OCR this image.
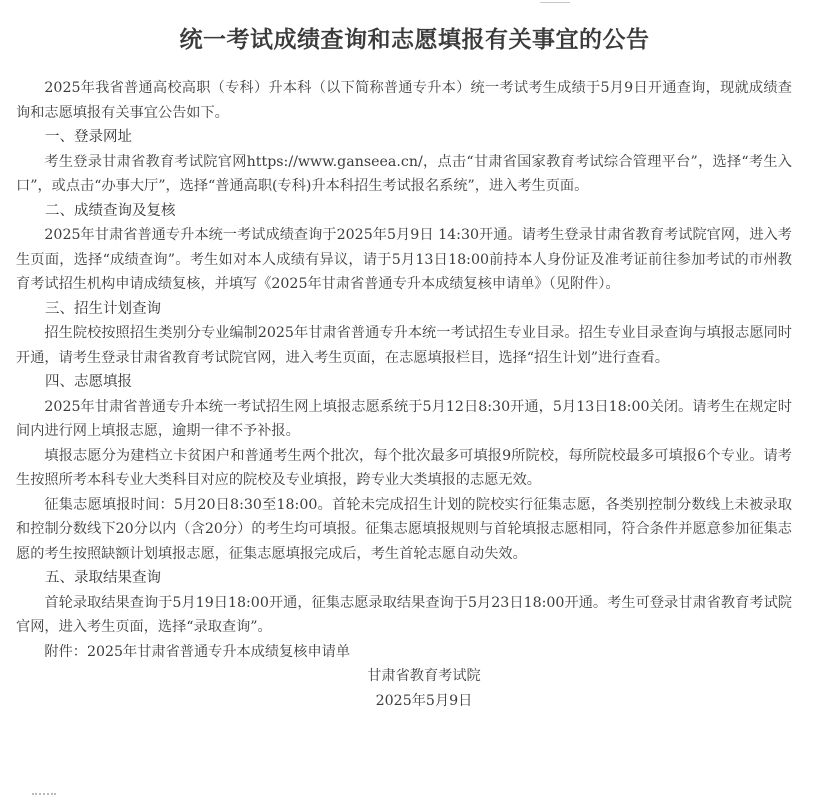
统一考试成绩查询和志愿填报有关事宜的公告

2025年我省普通高校高职（专科）升本科（以下简称普通专升本）统一考试考生成绩于5月9日开通查询，现就成绩查询和志愿填报有关事宜公告如下。

一、登录网址

考生登录甘肃省教育考试院官网https://www.ganseea.cn/，点击“甘肃省国家教育考试综合管理平台”，选择“考生入口”，或点击“办事大厅”，选择“普通高职(专科)升本科招生考试报名系统”，进入考生页面。

二、成绩查询及复核

2025年甘肃省普通专升本统一考试成绩查询于2025年5月9日 14:30开通。请考生登录甘肃省教育考试院官网，进入考生页面，选择“成绩查询”。考生如对本人成绩有异议，请于5月13日18:00前持本人身份证及准考证前往参加考试的市州教育考试招生机构申请成绩复核，并填写《2025年甘肃省普通专升本成绩复核申请单》（见附件）。

三、招生计划查询

招生院校按照招生类别分专业编制2025年甘肃省普通专升本统一考试招生专业目录。招生专业目录查询与填报志愿同时开通，请考生登录甘肃省教育考试院官网，进入考生页面，在志愿填报栏目，选择“招生计划”进行查看。

四、志愿填报

2025年甘肃省普通专升本统一考试招生网上填报志愿系统于5月12日8:30开通，5月13日18:00关闭。请考生在规定时间内进行网上填报志愿，逾期一律不予补报。

填报志愿分为建档立卡贫困户和普通考生两个批次，每个批次最多可填报9所院校，每所院校最多可填报6个专业。请考生按照所考本科专业大类科目对应的院校及专业填报，跨专业大类填报的志愿无效。

征集志愿填报时间：5月20日8:30至18:00。首轮未完成招生计划的院校实行征集志愿，各类别控制分数线上未被录取和控制分数线下20分以内（含20分）的考生均可填报。征集志愿填报规则与首轮填报志愿相同，符合条件并愿意参加征集志愿的考生按照缺额计划填报志愿，征集志愿填报完成后，考生首轮志愿自动失效。

五、录取结果查询

首轮录取结果查询于5月19日18:00开通，征集志愿录取结果查询于5月23日18:00开通。考生可登录甘肃省教育考试院官网，进入考生页面，选择“录取查询”。

附件：2025年甘肃省普通专升本成绩复核申请单

甘肃省教育考试院

2025年5月9日
